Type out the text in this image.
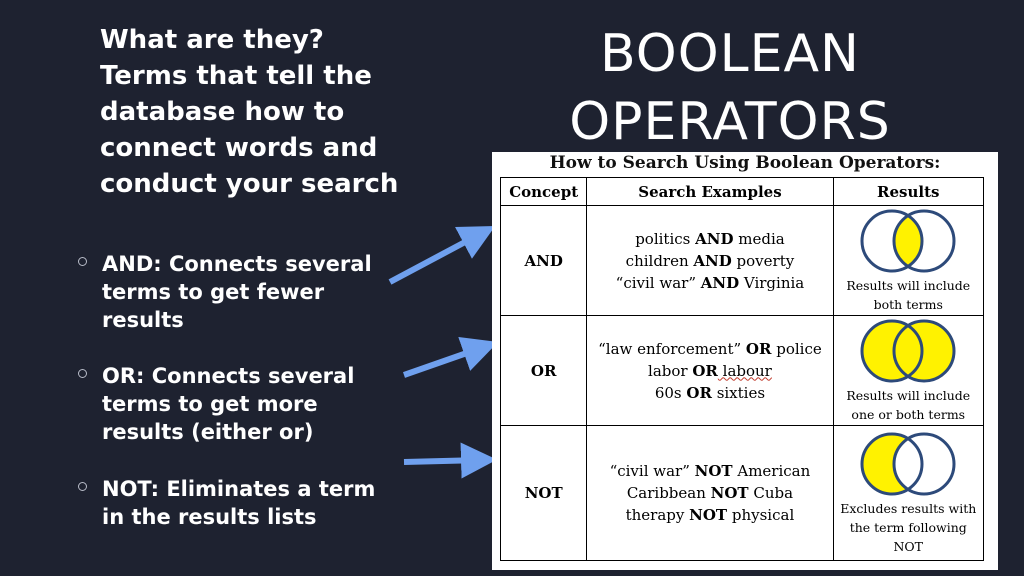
What are they?
Terms that tell the
database how to
connect words and
conduct your search
BOOLEAN
OPERATORS
AND: Connects several
terms to get fewer
results
OR: Connects several
terms to get more
results (either or)
NOT: Eliminates a term
in the results lists
How to Search Using Boolean Operators:
Concept	Search Examples	Results
AND	politics AND media
children AND poverty
“civil war” AND Virginia	Results will include
both terms

OR	“law enforcement” OR police
labor OR labour
60s OR sixties	Results will include
one or both terms

NOT	“civil war” NOT American
Caribbean NOT Cuba
therapy NOT physical	Excludes results with
the term following
NOT
